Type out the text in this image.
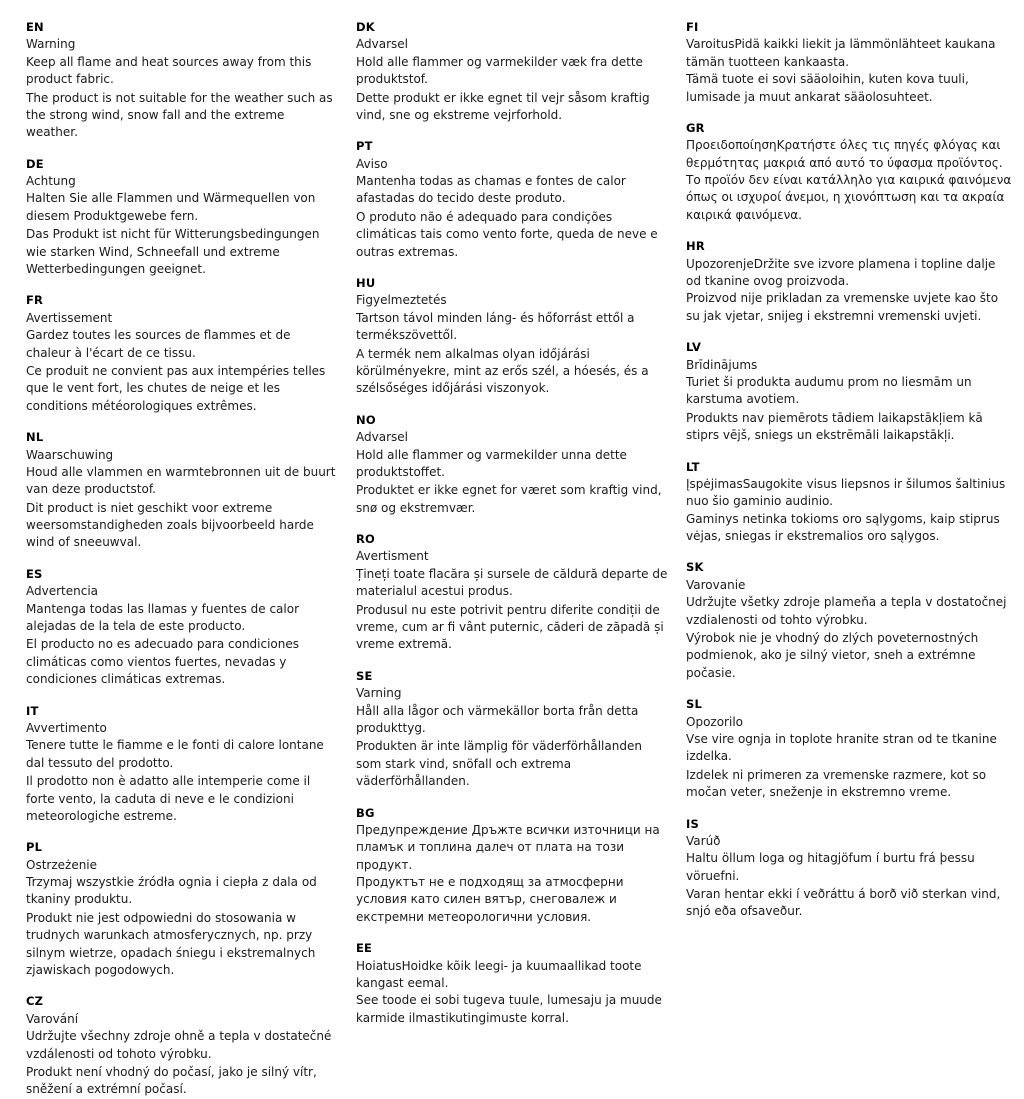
EN
Warning

Keep all flame and heat sources away from this product fabric.

The product is not suitable for the weather such as the strong wind, snow fall and the extreme weather.

DE
Achtung

Halten Sie alle Flammen und Wärmequellen von diesem Produktgewebe fern.

Das Produkt ist nicht für Witterungsbedingungen wie starken Wind, Schneefall und extreme Wetterbedingungen geeignet.

FR
Avertissement

Gardez toutes les sources de flammes et de chaleur à l'écart de ce tissu.

Ce produit ne convient pas aux intempéries telles que le vent fort, les chutes de neige et les conditions météorologiques extrêmes.

NL
Waarschuwing

Houd alle vlammen en warmtebronnen uit de buurt van deze productstof.

Dit product is niet geschikt voor extreme weersomstandigheden zoals bijvoorbeeld harde wind of sneeuwval.

ES
Advertencia

Mantenga todas las llamas y fuentes de calor alejadas de la tela de este producto.

El producto no es adecuado para condiciones climáticas como vientos fuertes, nevadas y condiciones climáticas extremas.

IT
Avvertimento

Tenere tutte le fiamme e le fonti di calore lontane dal tessuto del prodotto.

Il prodotto non è adatto alle intemperie come il forte vento, la caduta di neve e le condizioni meteorologiche estreme.

PL
Ostrzeżenie

Trzymaj wszystkie źródła ognia i ciepła z dala od tkaniny produktu.

Produkt nie jest odpowiedni do stosowania w trudnych warunkach atmosferycznych, np. przy silnym wietrze, opadach śniegu i ekstremalnych zjawiskach pogodowych.

CZ
Varování

Udržujte všechny zdroje ohně a tepla v dostatečné vzdálenosti od tohoto výrobku.

Produkt není vhodný do počasí, jako je silný vítr, sněžení a extrémní počasí.

DK
Advarsel

Hold alle flammer og varmekilder væk fra dette produktstof.

Dette produkt er ikke egnet til vejr såsom kraftig vind, sne og ekstreme vejrforhold.

PT
Aviso

Mantenha todas as chamas e fontes de calor afastadas do tecido deste produto.

O produto não é adequado para condições climáticas tais como vento forte, queda de neve e outras extremas.

HU
Figyelmeztetés

Tartson távol minden láng- és hőforrást ettől a termékszövettől.

A termék nem alkalmas olyan időjárási körülményekre, mint az erős szél, a hóesés, és a szélsőséges időjárási viszonyok.

NO
Advarsel

Hold alle flammer og varmekilder unna dette produktstoffet.

Produktet er ikke egnet for været som kraftig vind, snø og ekstremvær.

RO
Avertisment

Țineți toate flacăra și sursele de căldură departe de materialul acestui produs.

Produsul nu este potrivit pentru diferite condiții de vreme, cum ar fi vânt puternic, căderi de zăpadă și vreme extremă.

SE
Varning

Håll alla lågor och värmekällor borta från detta produkttyg.

Produkten är inte lämplig för väderförhållanden som stark vind, snöfall och extrema väderförhållanden.

BG
Предупреждение Дръжте всички източници на пламък и топлина далеч от плата на този продукт.

Продуктът не е подходящ за атмосферни условия като силен вятър, снеговалеж и екстремни метеорологични условия.

EE
HoiatusHoidke kõik leegi- ja kuumaallikad toote kangast eemal.

See toode ei sobi tugeva tuule, lumesaju ja muude karmide ilmastikutingimuste korral.

FI
VaroitusPidä kaikki liekit ja lämmönlähteet kaukana tämän tuotteen kankaasta.

Tämä tuote ei sovi sääoloihin, kuten kova tuuli, lumisade ja muut ankarat sääolosuhteet.

GR
ΠροειδοποίησηΚρατήστε όλες τις πηγές φλόγας και θερμότητας μακριά από αυτό το ύφασμα προϊόντος.

Το προϊόν δεν είναι κατάλληλο για καιρικά φαινόμενα όπως οι ισχυροί άνεμοι, η χιονόπτωση και τα ακραία καιρικά φαινόμενα.

HR
UpozorenjeDržite sve izvore plamena i topline dalje od tkanine ovog proizvoda.

Proizvod nije prikladan za vremenske uvjete kao što su jak vjetar, snijeg i ekstremni vremenski uvjeti.

LV
Brīdinājums

Turiet ši produkta audumu prom no liesmām un karstuma avotiem.

Produkts nav piemērots tādiem laikapstākļiem kā stiprs vējš, sniegs un ekstrēmāli laikapstākļi.

LT
ĮspėjimasSaugokite visus liepsnos ir šilumos šaltinius nuo šio gaminio audinio.

Gaminys netinka tokioms oro sąlygoms, kaip stiprus vėjas, sniegas ir ekstremalios oro sąlygos.

SK
Varovanie

Udržujte všetky zdroje plameňa a tepla v dostatočnej vzdialenosti od tohto výrobku.

Výrobok nie je vhodný do zlých poveternostných podmienok, ako je silný vietor, sneh a extrémne počasie.

SL
Opozorilo

Vse vire ognja in toplote hranite stran od te tkanine izdelka.

Izdelek ni primeren za vremenske razmere, kot so močan veter, sneženje in ekstremno vreme.

IS
Varúð

Haltu öllum loga og hitagjöfum í burtu frá þessu vöruefni.

Varan hentar ekki í veðráttu á borð við sterkan vind, snjó eða ofsaveður.
